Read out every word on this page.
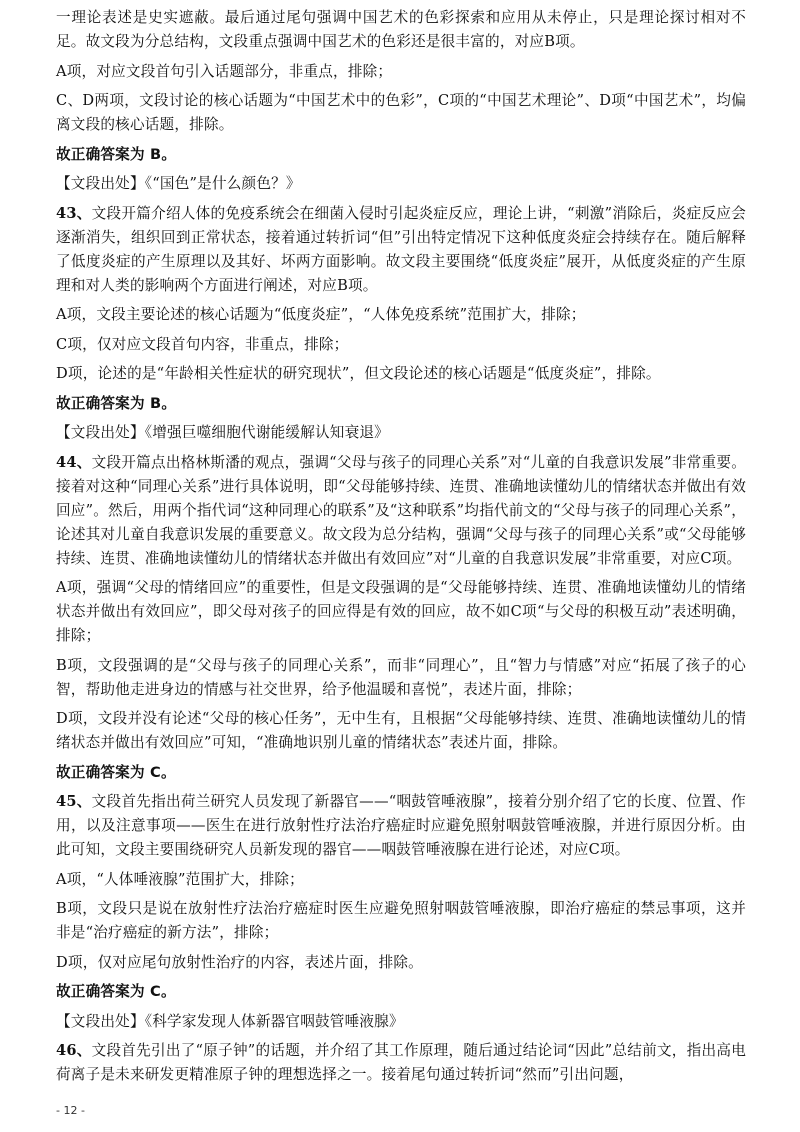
一理论表述是史实遮蔽。最后通过尾句强调中国艺术的色彩探索和应用从未停止，只是理论探讨相对不足。故文段为分总结构，文段重点强调中国艺术的色彩还是很丰富的，对应B项。

A项，对应文段首句引入话题部分，非重点，排除；

C、D两项，文段讨论的核心话题为“中国艺术中的色彩”，C项的“中国艺术理论”、D项“中国艺术”，均偏离文段的核心话题，排除。

故正确答案为 B。

【文段出处】《“国色”是什么颜色？》

43、文段开篇介绍人体的免疫系统会在细菌入侵时引起炎症反应，理论上讲，“刺激”消除后，炎症反应会逐渐消失，组织回到正常状态，接着通过转折词“但”引出特定情况下这种低度炎症会持续存在。随后解释了低度炎症的产生原理以及其好、坏两方面影响。故文段主要围绕“低度炎症”展开，从低度炎症的产生原理和对人类的影响两个方面进行阐述，对应B项。

A项，文段主要论述的核心话题为“低度炎症”，“人体免疫系统”范围扩大，排除；

C项，仅对应文段首句内容，非重点，排除；

D项，论述的是“年龄相关性症状的研究现状”，但文段论述的核心话题是“低度炎症”，排除。

故正确答案为 B。

【文段出处】《增强巨噬细胞代谢能缓解认知衰退》

44、文段开篇点出格林斯潘的观点，强调“父母与孩子的同理心关系”对“儿童的自我意识发展”非常重要。接着对这种“同理心关系”进行具体说明，即“父母能够持续、连贯、准确地读懂幼儿的情绪状态并做出有效回应”。然后，用两个指代词“这种同理心的联系”及“这种联系”均指代前文的“父母与孩子的同理心关系”，论述其对儿童自我意识发展的重要意义。故文段为总分结构，强调“父母与孩子的同理心关系”或“父母能够持续、连贯、准确地读懂幼儿的情绪状态并做出有效回应”对“儿童的自我意识发展”非常重要，对应C项。

A项，强调“父母的情绪回应”的重要性，但是文段强调的是“父母能够持续、连贯、准确地读懂幼儿的情绪状态并做出有效回应”，即父母对孩子的回应得是有效的回应，故不如C项“与父母的积极互动”表述明确，排除；

B项，文段强调的是“父母与孩子的同理心关系”，而非“同理心”，且“智力与情感”对应“拓展了孩子的心智，帮助他走进身边的情感与社交世界，给予他温暖和喜悦”，表述片面，排除；

D项，文段并没有论述“父母的核心任务”，无中生有，且根据“父母能够持续、连贯、准确地读懂幼儿的情绪状态并做出有效回应”可知，“准确地识别儿童的情绪状态”表述片面，排除。

故正确答案为 C。

45、文段首先指出荷兰研究人员发现了新器官——“咽鼓管唾液腺”，接着分别介绍了它的长度、位置、作用，以及注意事项——医生在进行放射性疗法治疗癌症时应避免照射咽鼓管唾液腺，并进行原因分析。由此可知，文段主要围绕研究人员新发现的器官——咽鼓管唾液腺在进行论述，对应C项。

A项，“人体唾液腺”范围扩大，排除；

B项，文段只是说在放射性疗法治疗癌症时医生应避免照射咽鼓管唾液腺，即治疗癌症的禁忌事项，这并非是“治疗癌症的新方法”，排除；

D项，仅对应尾句放射性治疗的内容，表述片面，排除。

故正确答案为 C。

【文段出处】《科学家发现人体新器官咽鼓管唾液腺》

46、文段首先引出了“原子钟”的话题，并介绍了其工作原理，随后通过结论词“因此”总结前文，指出高电荷离子是未来研发更精准原子钟的理想选择之一。接着尾句通过转折词“然而”引出问题，

- 12 -
